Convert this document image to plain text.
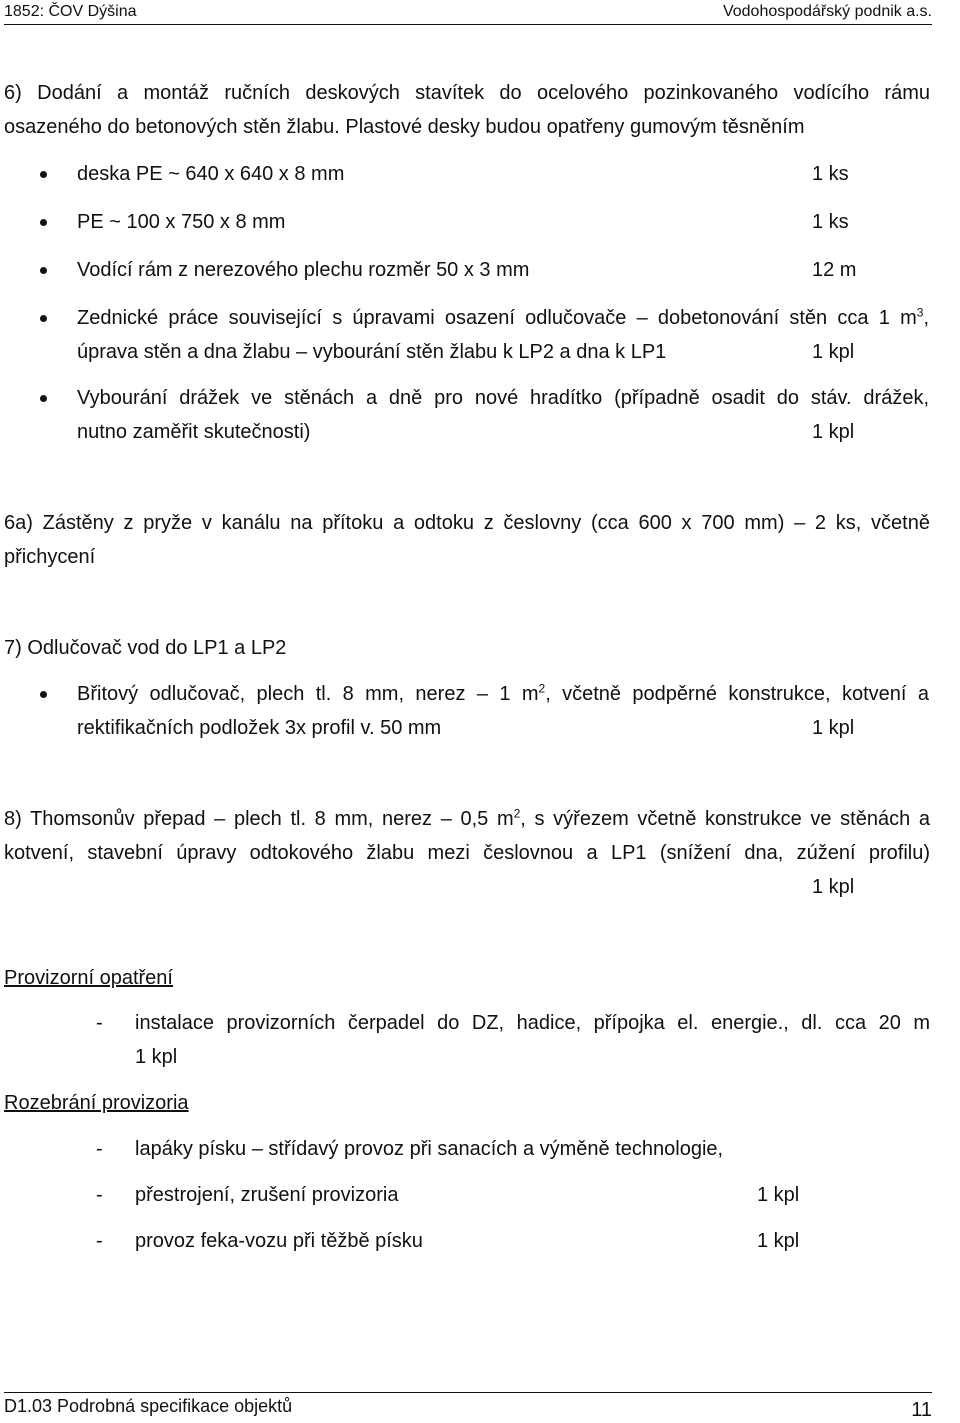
1852: ČOV Dýšina	Vodohospodářský podnik a.s.
6) Dodání a montáž ručních deskových stavítek do ocelového pozinkovaného vodícího rámu
osazeného do betonových stěn žlabu. Plastové desky budou opatřeny gumovým těsněním
deska PE ~ 640 x 640 x 8 mm	1 ks
PE ~ 100 x 750 x 8 mm	1 ks
Vodící rám z nerezového plechu rozměr 50 x 3 mm	12 m
Zednické práce související s úpravami osazení odlučovače – dobetonování stěn cca 1 $m^3$,
úprava stěn a dna žlabu – vybourání stěn žlabu k LP2 a dna k LP1	1 kpl
Vybourání drážek ve stěnách a dně pro nové hradítko (případně osadit do stáv. drážek,
nutno zaměřit skutečnosti)	1 kpl
6a) Zástěny z pryže v kanálu na přítoku a odtoku z česlovny (cca 600 x 700 mm) – 2 ks, včetně
přichycení
7) Odlučovač vod do LP1 a LP2
Břitový odlučovač, plech tl. 8 mm, nerez – 1 $m^2$, včetně podpěrné konstrukce, kotvení a
rektifikačních podložek 3x profil v. 50 mm	1 kpl
8) Thomsonův přepad – plech tl. 8 mm, nerez – 0,5 $m^2$, s výřezem včetně konstrukce ve stěnách a
kotvení, stavební úpravy odtokového žlabu mezi česlovnou a LP1 (snížení dna, zúžení profilu)
1 kpl
Provizorní opatření
- instalace provizorních čerpadel do DZ, hadice, přípojka el. energie., dl. cca 20 m
1 kpl
Rozebrání provizoria
- lapáky písku – střídavý provoz při sanacích a výměně technologie,
- přestrojení, zrušení provizoria	1 kpl
- provoz feka-vozu při těžbě písku	1 kpl
D1.03 Podrobná specifikace objektů	11
